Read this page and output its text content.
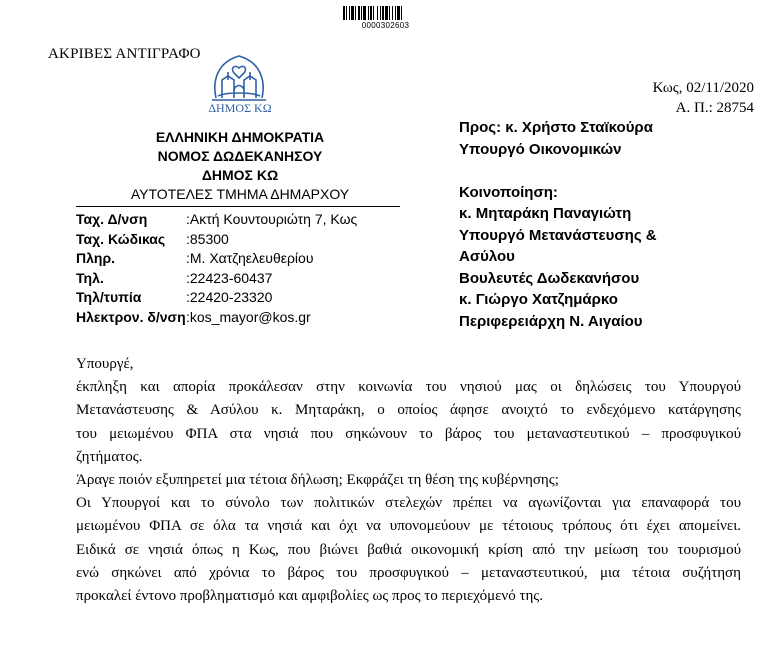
0000302603
ΑΚΡΙΒΕΣ ΑΝΤΙΓΡΑΦΟ
ΔΗΜΟΣ ΚΩ
Κως, 02/11/2020
Α. Π.: 28754
ΕΛΛΗΝΙΚΗ ΔΗΜΟΚΡΑΤΙΑ
ΝΟΜΟΣ ΔΩΔΕΚΑΝΗΣΟΥ
ΔΗΜΟΣ ΚΩ
ΑΥΤΟΤΕΛΕΣ ΤΜΗΜΑ ΔΗΜΑΡΧΟΥ
Ταχ. Δ/νση	:Ακτή Κουντουριώτη 7, Κως
Ταχ. Κώδικας	:85300
Πληρ.	:Μ. Χατζηελευθερίου
Τηλ.	:22423-60437
Τηλ/τυπία	:22420-23320
Ηλεκτρον. δ/νση :kos_mayor@kos.gr
Προς: κ. Χρήστο Σταϊκούρα
Υπουργό Οικονομικών

Κοινοποίηση:
κ. Μηταράκη Παναγιώτη
Υπουργό Μετανάστευσης &
Ασύλου
Βουλευτές Δωδεκανήσου
κ. Γιώργο Χατζημάρκο
Περιφερειάρχη Ν. Αιγαίου
Υπουργέ,
έκπληξη και απορία προκάλεσαν στην κοινωνία του νησιού μας οι δηλώσεις του Υπουργού
Μετανάστευσης & Ασύλου κ. Μηταράκη, ο οποίος άφησε ανοιχτό το ενδεχόμενο κατάργησης
του μειωμένου ΦΠΑ στα νησιά που σηκώνουν το βάρος του μεταναστευτικού – προσφυγικού
ζητήματος.
Άραγε ποιόν εξυπηρετεί μια τέτοια δήλωση; Εκφράζει τη θέση της κυβέρνησης;
Οι Υπουργοί και το σύνολο των πολιτικών στελεχών πρέπει να αγωνίζονται για επαναφορά του
μειωμένου ΦΠΑ σε όλα τα νησιά και όχι να υπονομεύουν με τέτοιους τρόπους ότι έχει απομείνει.
Ειδικά σε νησιά όπως η Κως, που βιώνει βαθιά οικονομική κρίση από την μείωση του τουρισμού
ενώ σηκώνει από χρόνια το βάρος του προσφυγικού – μεταναστευτικού, μια τέτοια συζήτηση
προκαλεί έντονο προβληματισμό και αμφιβολίες ως προς το περιεχόμενό της.
